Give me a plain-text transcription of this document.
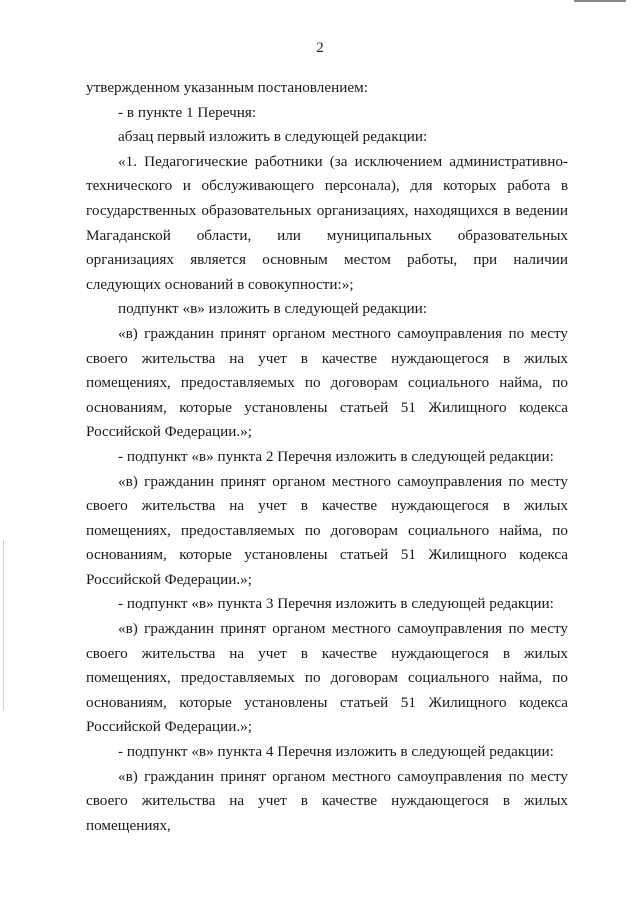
2

утвержденном указанным постановлением:

- в пункте 1 Перечня:

абзац первый изложить в следующей редакции:

«1. Педагогические работники (за исключением административно-технического и обслуживающего персонала), для которых работа в государственных образовательных организациях, находящихся в ведении Магаданской области, или муниципальных образовательных организациях является основным местом работы, при наличии следующих оснований в совокупности:»;

подпункт «в» изложить в следующей редакции:

«в) гражданин принят органом местного самоуправления по месту своего жительства на учет в качестве нуждающегося в жилых помещениях, предоставляемых по договорам социального найма, по основаниям, которые установлены статьей 51 Жилищного кодекса Российской Федерации.»;

- подпункт «в» пункта 2 Перечня изложить в следующей редакции:

«в) гражданин принят органом местного самоуправления по месту своего жительства на учет в качестве нуждающегося в жилых помещениях, предоставляемых по договорам социального найма, по основаниям, которые установлены статьей 51 Жилищного кодекса Российской Федерации.»;

- подпункт «в» пункта 3 Перечня изложить в следующей редакции:

«в) гражданин принят органом местного самоуправления по месту своего жительства на учет в качестве нуждающегося в жилых помещениях, предоставляемых по договорам социального найма, по основаниям, которые установлены статьей 51 Жилищного кодекса Российской Федерации.»;

- подпункт «в» пункта 4 Перечня изложить в следующей редакции:

«в) гражданин принят органом местного самоуправления по месту своего жительства на учет в качестве нуждающегося в жилых помещениях,
